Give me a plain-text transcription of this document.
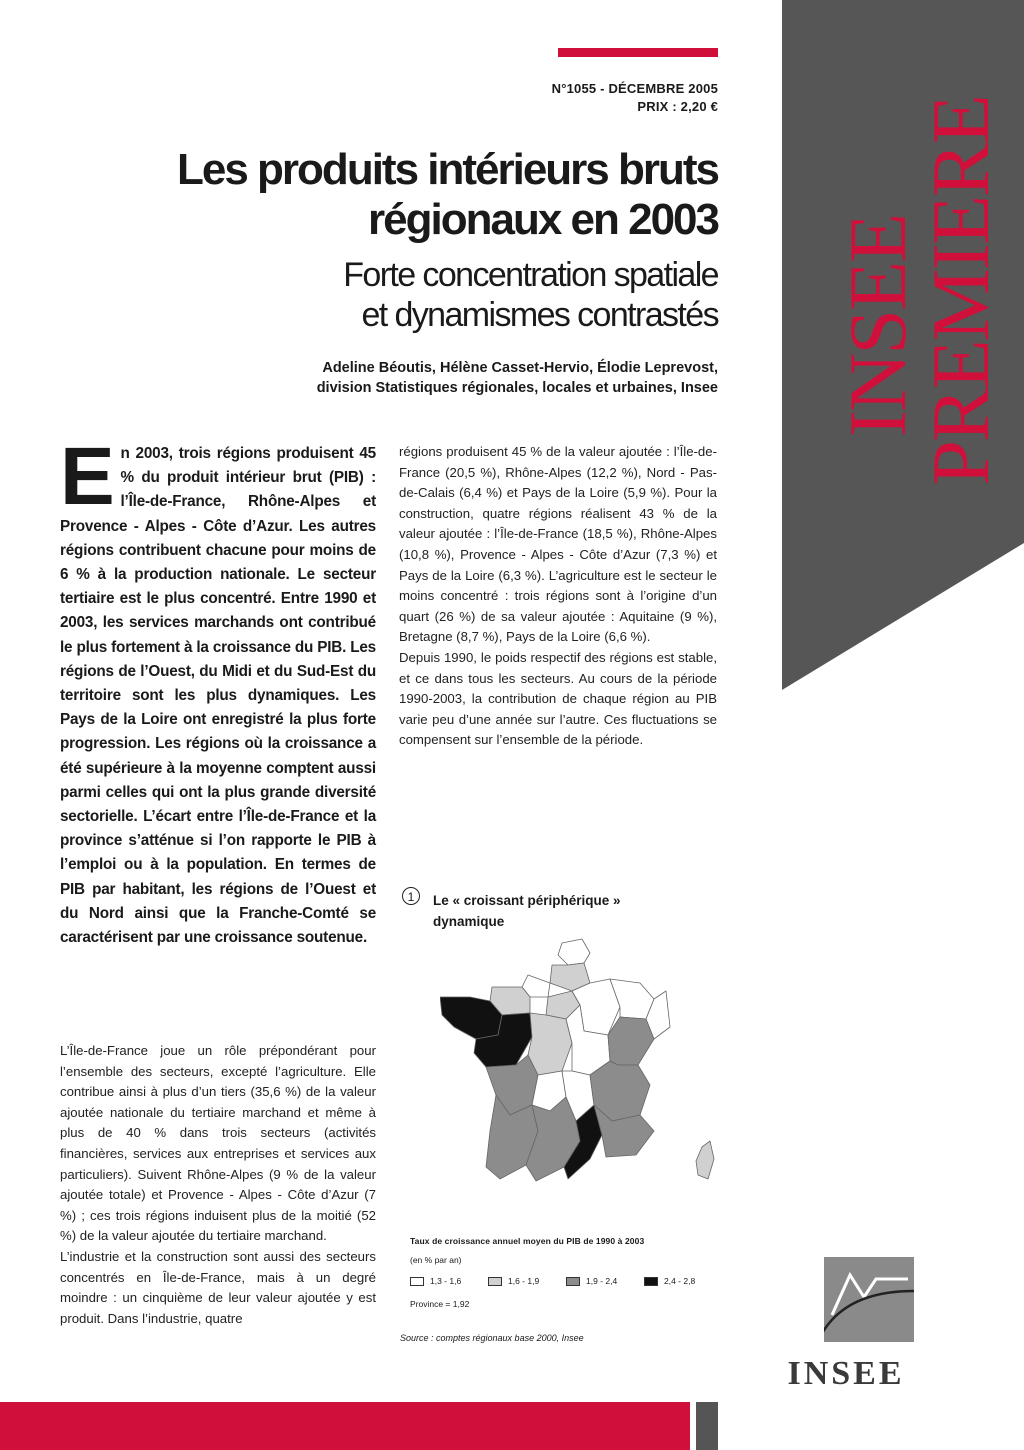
INSEE
PREMIERE
N°1055 - DÉCEMBRE 2005
PRIX : 2,20 €
Les produits intérieurs bruts
régionaux en 2003
Forte concentration spatiale
et dynamismes contrastés
Adeline Béoutis, Hélène Casset-Hervio, Élodie Leprevost,
division Statistiques régionales, locales et urbaines, Insee
En 2003, trois régions produisent 45 % du produit intérieur brut (PIB) : l’Île-de-France, Rhône-Alpes et Provence - Alpes - Côte d’Azur. Les autres régions contribuent chacune pour moins de 6 % à la production nationale. Le secteur tertiaire est le plus concentré. Entre 1990 et 2003, les services marchands ont contribué le plus fortement à la croissance du PIB. Les régions de l’Ouest, du Midi et du Sud-Est du territoire sont les plus dynamiques. Les Pays de la Loire ont enregistré la plus forte progression. Les régions où la croissance a été supérieure à la moyenne comptent aussi parmi celles qui ont la plus grande diversité sectorielle. L’écart entre l’Île-de-France et la province s’atténue si l’on rapporte le PIB à l’emploi ou à la population. En termes de PIB par habitant, les régions de l’Ouest et du Nord ainsi que la Franche-Comté se caractérisent par une croissance soutenue.

régions produisent 45 % de la valeur ajoutée : l’Île-de-France (20,5 %), Rhône-Alpes (12,2 %), Nord - Pas-de-Calais (6,4 %) et Pays de la Loire (5,9 %). Pour la construction, quatre régions réalisent 43 % de la valeur ajoutée : l’Île-de-France (18,5 %), Rhône-Alpes (10,8 %), Provence - Alpes - Côte d’Azur (7,3 %) et Pays de la Loire (6,3 %). L’agriculture est le secteur le moins concentré : trois régions sont à l’origine d’un quart (26 %) de sa valeur ajoutée : Aquitaine (9 %), Bretagne (8,7 %), Pays de la Loire (6,6 %).

Depuis 1990, le poids respectif des régions est stable, et ce dans tous les secteurs. Au cours de la période 1990-2003, la contribution de chaque région au PIB varie peu d’une année sur l’autre. Ces fluctuations se compensent sur l’ensemble de la période.

L’Île-de-France joue un rôle prépondérant pour l’ensemble des secteurs, excepté l’agriculture. Elle contribue ainsi à plus d’un tiers (35,6 %) de la valeur ajoutée nationale du tertiaire marchand et même à plus de 40 % dans trois secteurs (activités financières, services aux entreprises et services aux particuliers). Suivent Rhône-Alpes (9 % de la valeur ajoutée totale) et Provence - Alpes - Côte d’Azur (7 %) ; ces trois régions induisent plus de la moitié (52 %) de la valeur ajoutée du tertiaire marchand.

L’industrie et la construction sont aussi des secteurs concentrés en Île-de-France, mais à un degré moindre : un cinquième de leur valeur ajoutée y est produit. Dans l’industrie, quatre

1	Le « croissant périphérique »
dynamique
Taux de croissance annuel moyen du PIB de 1990 à 2003
(en % par an)
1,3 - 1,6	1,6 - 1,9	1,9 - 2,4	2,4 - 2,8
Province = 1,92
Source : comptes régionaux base 2000, Insee
INSEE
